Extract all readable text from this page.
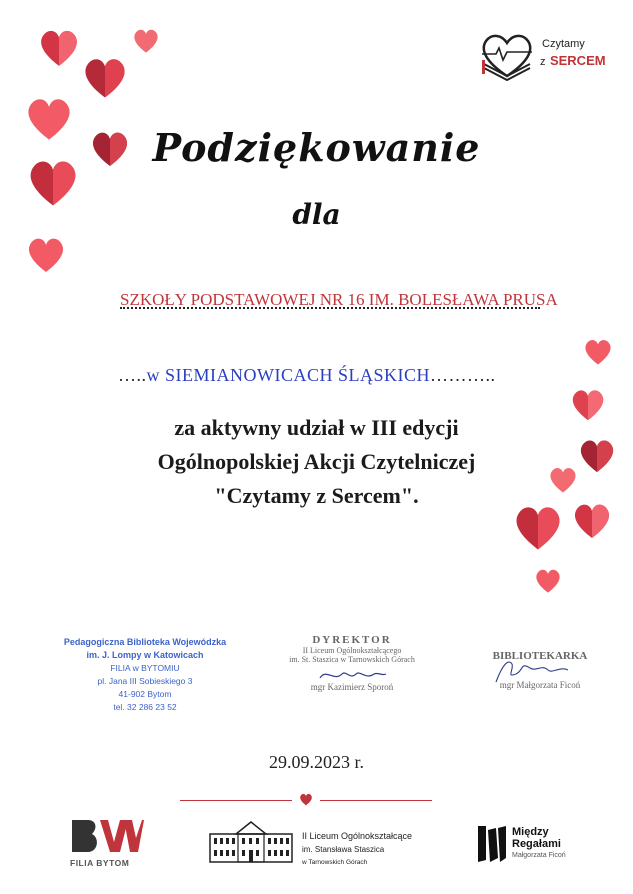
Czytamy
z SERCEM
Podziękowanie
dla
SZKOŁY PODSTAWOWEJ NR 16 IM. BOLESŁAWA PRUSA
…..w SIEMIANOWICACH ŚLĄSKICH………..
za aktywny udział w III edycji
Ogólnopolskiej Akcji Czytelniczej
"Czytamy z Sercem".
Pedagogiczna Biblioteka Wojewódzka
im. J. Lompy w Katowicach
FILIA w BYTOMIU
pl. Jana III Sobieskiego 3
41-902 Bytom
tel. 32 286 23 52
DYREKTOR
II Liceum Ogólnokształcącego
im. St. Staszica w Tarnowskich Górach
mgr Kazimierz Sporoń
BIBLIOTEKARKA
mgr Małgorzata Ficoń
29.09.2023 r.
FILIA BYTOM
II Liceum Ogólnokształcące
im. Stansława Staszica
w Tarnowskich Górach
Między
Regałami
Małgorzata Ficoń
